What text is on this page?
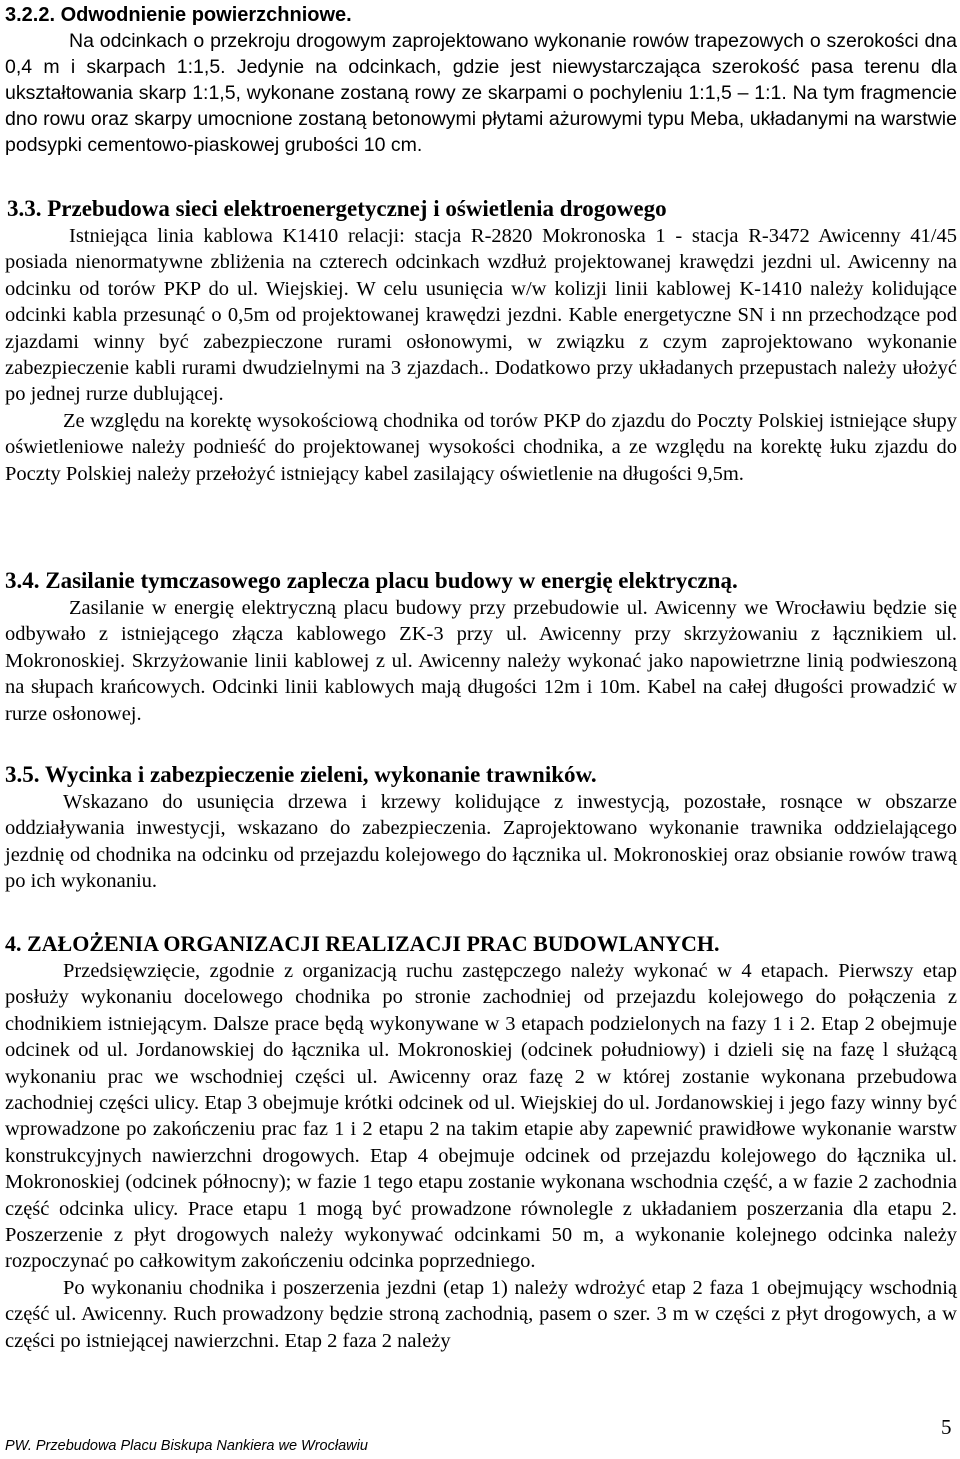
3.2.2. Odwodnienie powierzchniowe.

Na odcinkach o przekroju drogowym zaprojektowano wykonanie rowów trapezowych o szerokości dna 0,4 m i skarpach 1:1,5. Jedynie na odcinkach, gdzie jest niewystarczająca szerokość pasa terenu dla ukształtowania skarp 1:1,5, wykonane zostaną rowy ze skarpami o pochyleniu 1:1,5 – 1:1. Na tym fragmencie dno rowu oraz skarpy umocnione zostaną betonowymi płytami ażurowymi typu Meba, układanymi na warstwie podsypki cementowo-piaskowej grubości 10 cm.

3.3. Przebudowa sieci elektroenergetycznej i oświetlenia drogowego

Istniejąca linia kablowa K1410 relacji: stacja R-2820 Mokronoska 1 - stacja R-3472 Awicenny 41/45 posiada nienormatywne zbliżenia na czterech odcinkach wzdłuż projektowanej krawędzi jezdni ul. Awicenny na odcinku od torów PKP do ul. Wiejskiej. W celu usunięcia w/w kolizji linii kablowej K-1410 należy kolidujące odcinki kabla przesunąć o 0,5m od projektowanej krawędzi jezdni. Kable energetyczne SN i nn przechodzące pod zjazdami winny być zabezpieczone rurami osłonowymi, w związku z czym zaprojektowano wykonanie zabezpieczenie kabli rurami dwudzielnymi na 3 zjazdach.. Dodatkowo przy układanych przepustach należy ułożyć po jednej rurze dublującej.

Ze względu na korektę wysokościową chodnika od torów PKP do zjazdu do Poczty Polskiej istniejące słupy oświetleniowe należy podnieść do projektowanej wysokości chodnika, a ze względu na korektę łuku zjazdu do Poczty Polskiej należy przełożyć istniejący kabel zasilający oświetlenie na długości 9,5m.

3.4. Zasilanie tymczasowego zaplecza placu budowy w energię elektryczną.

Zasilanie w energię elektryczną placu budowy przy przebudowie ul. Awicenny we Wrocławiu będzie się odbywało z istniejącego złącza kablowego ZK-3 przy ul. Awicenny przy skrzyżowaniu z łącznikiem ul. Mokronoskiej. Skrzyżowanie linii kablowej z ul. Awicenny należy wykonać jako napowietrzne linią podwieszoną na słupach krańcowych. Odcinki linii kablowych mają długości 12m i 10m. Kabel na całej długości prowadzić w rurze osłonowej.

3.5. Wycinka i zabezpieczenie zieleni, wykonanie trawników.

Wskazano do usunięcia drzewa i krzewy kolidujące z inwestycją, pozostałe, rosnące w obszarze oddziaływania inwestycji, wskazano do zabezpieczenia. Zaprojektowano wykonanie trawnika oddzielającego jezdnię od chodnika na odcinku od przejazdu kolejowego do łącznika ul. Mokronoskiej oraz obsianie rowów trawą po ich wykonaniu.

4. ZAŁOŻENIA ORGANIZACJI REALIZACJI PRAC BUDOWLANYCH.

Przedsięwzięcie, zgodnie z organizacją ruchu zastępczego należy wykonać w 4 etapach. Pierwszy etap posłuży wykonaniu docelowego chodnika po stronie zachodniej od przejazdu kolejowego do połączenia z chodnikiem istniejącym. Dalsze prace będą wykonywane w 3 etapach podzielonych na fazy 1 i 2. Etap 2 obejmuje odcinek od ul. Jordanowskiej do łącznika ul. Mokronoskiej (odcinek południowy) i dzieli się na fazę l służącą wykonaniu prac we wschodniej części ul. Awicenny oraz fazę 2 w której zostanie wykonana przebudowa zachodniej części ulicy. Etap 3 obejmuje krótki odcinek od ul. Wiejskiej do ul. Jordanowskiej i jego fazy winny być wprowadzone po zakończeniu prac faz 1 i 2 etapu 2 na takim etapie aby zapewnić prawidłowe wykonanie warstw konstrukcyjnych nawierzchni drogowych. Etap 4 obejmuje odcinek od przejazdu kolejowego do łącznika ul. Mokronoskiej (odcinek północny); w fazie 1 tego etapu zostanie wykonana wschodnia część, a w fazie 2 zachodnia część odcinka ulicy. Prace etapu 1 mogą być prowadzone równolegle z układaniem poszerzania dla etapu 2. Poszerzenie z płyt drogowych należy wykonywać odcinkami 50 m, a wykonanie kolejnego odcinka należy rozpoczynać po całkowitym zakończeniu odcinka poprzedniego.

Po wykonaniu chodnika i poszerzenia jezdni (etap 1) należy wdrożyć etap 2 faza 1 obejmujący wschodnią część ul. Awicenny. Ruch prowadzony będzie stroną zachodnią, pasem o szer. 3 m w części z płyt drogowych, a w części po istniejącej nawierzchni. Etap 2 faza 2 należy

PW. Przebudowa Placu Biskupa Nankiera we Wrocławiu
5
